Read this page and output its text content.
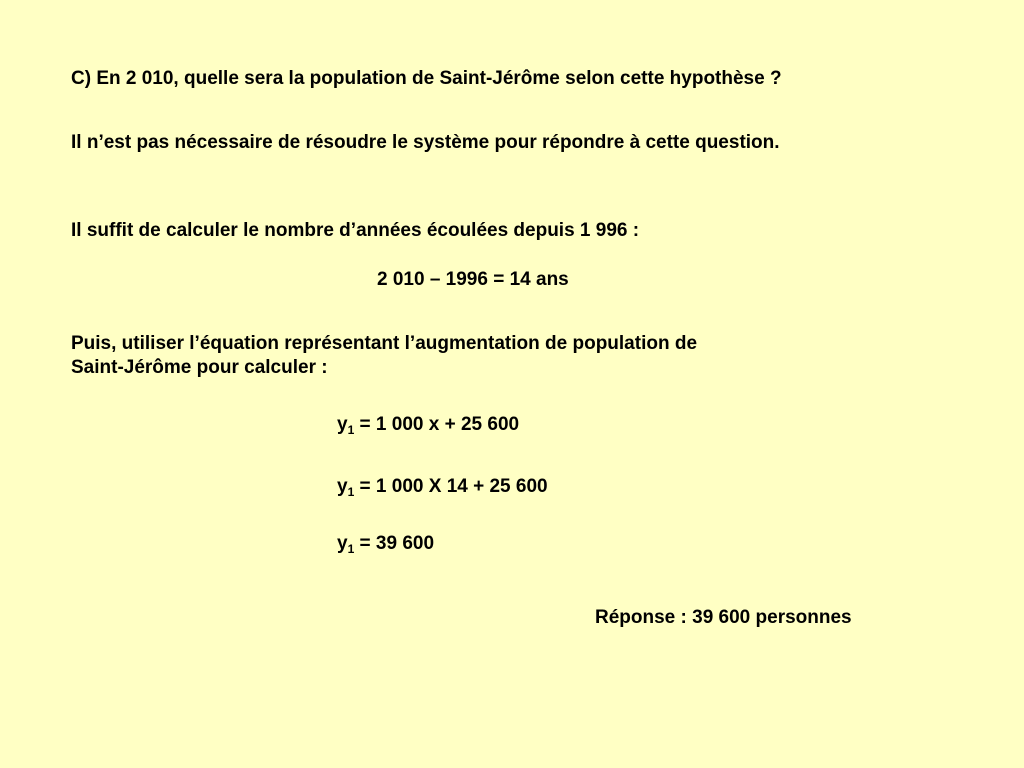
C) En 2 010, quelle sera la population de Saint-Jérôme selon cette hypothèse ?
Il n’est pas nécessaire de résoudre le système pour répondre à cette question.
Il suffit de calculer le nombre d’années écoulées depuis 1 996 :
2 010 – 1996 = 14 ans
Puis, utiliser l’équation représentant l’augmentation de population de
Saint-Jérôme pour calculer :
$y_1 = 1$ 000 x + 25 600
$y_1 = 1$ 000 X 14 + 25 600
$y_1 = 39$ 600
Réponse : 39 600 personnes
